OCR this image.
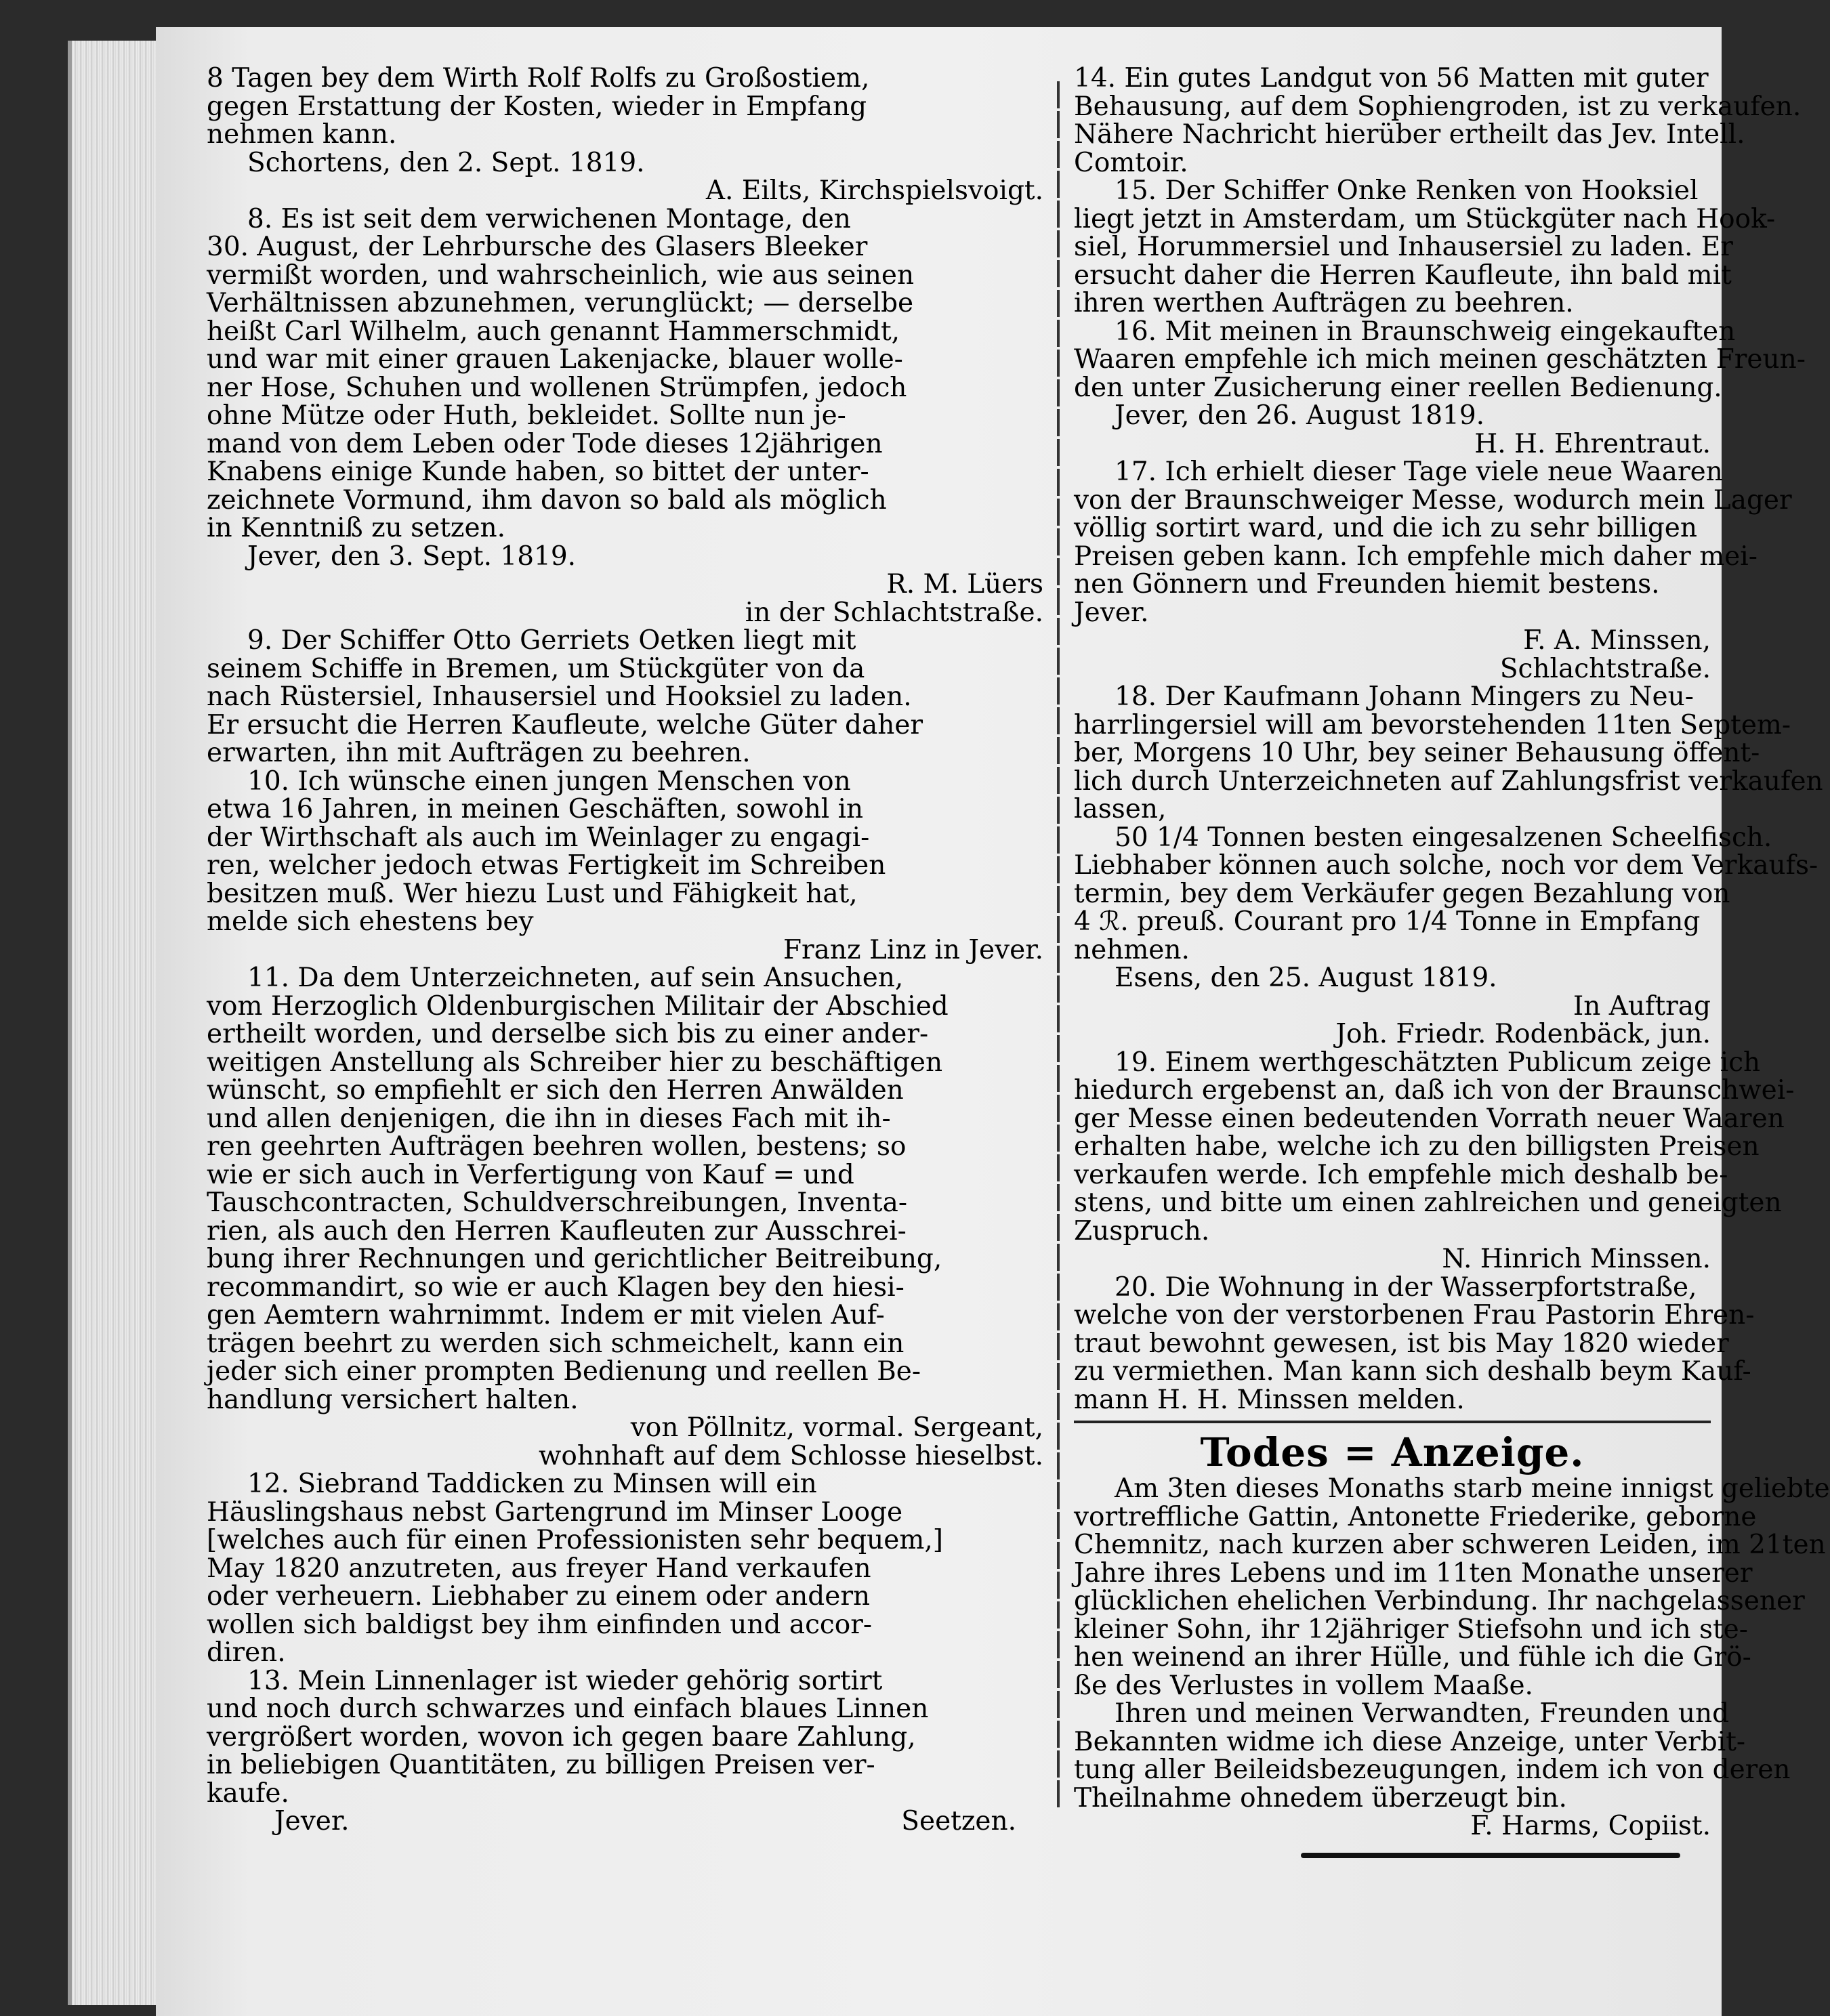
8 Tagen bey dem Wirth Rolf Rolfs zu Großostiem,
gegen Erstattung der Kosten, wieder in Empfang
nehmen kann.
Schortens, den 2. Sept. 1819.
A. Eilts, Kirchspielsvoigt.
8. Es ist seit dem verwichenen Montage, den
30. August, der Lehrbursche des Glasers Bleeker
vermißt worden, und wahrscheinlich, wie aus seinen
Verhältnissen abzunehmen, verunglückt; — derselbe
heißt Carl Wilhelm, auch genannt Hammerschmidt,
und war mit einer grauen Lakenjacke, blauer wolle-
ner Hose, Schuhen und wollenen Strümpfen, jedoch
ohne Mütze oder Huth, bekleidet. Sollte nun je-
mand von dem Leben oder Tode dieses 12jährigen
Knabens einige Kunde haben, so bittet der unter-
zeichnete Vormund, ihm davon so bald als möglich
in Kenntniß zu setzen.
Jever, den 3. Sept. 1819.
R. M. Lüers
in der Schlachtstraße.
9. Der Schiffer Otto Gerriets Oetken liegt mit
seinem Schiffe in Bremen, um Stückgüter von da
nach Rüstersiel, Inhausersiel und Hooksiel zu laden.
Er ersucht die Herren Kaufleute, welche Güter daher
erwarten, ihn mit Aufträgen zu beehren.
10. Ich wünsche einen jungen Menschen von
etwa 16 Jahren, in meinen Geschäften, sowohl in
der Wirthschaft als auch im Weinlager zu engagi-
ren, welcher jedoch etwas Fertigkeit im Schreiben
besitzen muß. Wer hiezu Lust und Fähigkeit hat,
melde sich ehestens bey
Franz Linz in Jever.
11. Da dem Unterzeichneten, auf sein Ansuchen,
vom Herzoglich Oldenburgischen Militair der Abschied
ertheilt worden, und derselbe sich bis zu einer ander-
weitigen Anstellung als Schreiber hier zu beschäftigen
wünscht, so empfiehlt er sich den Herren Anwälden
und allen denjenigen, die ihn in dieses Fach mit ih-
ren geehrten Aufträgen beehren wollen, bestens; so
wie er sich auch in Verfertigung von Kauf = und
Tauschcontracten, Schuldverschreibungen, Inventa-
rien, als auch den Herren Kaufleuten zur Ausschrei-
bung ihrer Rechnungen und gerichtlicher Beitreibung,
recommandirt, so wie er auch Klagen bey den hiesi-
gen Aemtern wahrnimmt. Indem er mit vielen Auf-
trägen beehrt zu werden sich schmeichelt, kann ein
jeder sich einer prompten Bedienung und reellen Be-
handlung versichert halten.
von Pöllnitz, vormal. Sergeant,
wohnhaft auf dem Schlosse hieselbst.
12. Siebrand Taddicken zu Minsen will ein
Häuslingshaus nebst Gartengrund im Minser Looge
[welches auch für einen Professionisten sehr bequem,]
May 1820 anzutreten, aus freyer Hand verkaufen
oder verheuern. Liebhaber zu einem oder andern
wollen sich baldigst bey ihm einfinden und accor-
diren.
13. Mein Linnenlager ist wieder gehörig sortirt
und noch durch schwarzes und einfach blaues Linnen
vergrößert worden, wovon ich gegen baare Zahlung,
in beliebigen Quantitäten, zu billigen Preisen ver-
kaufe.
Jever.	Seetzen.
14. Ein gutes Landgut von 56 Matten mit guter
Behausung, auf dem Sophiengroden, ist zu verkaufen.
Nähere Nachricht hierüber ertheilt das Jev. Intell.
Comtoir.
15. Der Schiffer Onke Renken von Hooksiel
liegt jetzt in Amsterdam, um Stückgüter nach Hook-
siel, Horummersiel und Inhausersiel zu laden. Er
ersucht daher die Herren Kaufleute, ihn bald mit
ihren werthen Aufträgen zu beehren.
16. Mit meinen in Braunschweig eingekauften
Waaren empfehle ich mich meinen geschätzten Freun-
den unter Zusicherung einer reellen Bedienung.
Jever, den 26. August 1819.
H. H. Ehrentraut.
17. Ich erhielt dieser Tage viele neue Waaren
von der Braunschweiger Messe, wodurch mein Lager
völlig sortirt ward, und die ich zu sehr billigen
Preisen geben kann. Ich empfehle mich daher mei-
nen Gönnern und Freunden hiemit bestens.
Jever.
F. A. Minssen,
Schlachtstraße.
18. Der Kaufmann Johann Mingers zu Neu-
harrlingersiel will am bevorstehenden 11ten Septem-
ber, Morgens 10 Uhr, bey seiner Behausung öffent-
lich durch Unterzeichneten auf Zahlungsfrist verkaufen
lassen,
50 1/4 Tonnen besten eingesalzenen Scheelfisch.
Liebhaber können auch solche, noch vor dem Verkaufs-
termin, bey dem Verkäufer gegen Bezahlung von
4 ℛ. preuß. Courant pro 1/4 Tonne in Empfang
nehmen.
Esens, den 25. August 1819.
In Auftrag
Joh. Friedr. Rodenbäck, jun.
19. Einem werthgeschätzten Publicum zeige ich
hiedurch ergebenst an, daß ich von der Braunschwei-
ger Messe einen bedeutenden Vorrath neuer Waaren
erhalten habe, welche ich zu den billigsten Preisen
verkaufen werde. Ich empfehle mich deshalb be-
stens, und bitte um einen zahlreichen und geneigten
Zuspruch.
N. Hinrich Minssen.
20. Die Wohnung in der Wasserpfortstraße,
welche von der verstorbenen Frau Pastorin Ehren-
traut bewohnt gewesen, ist bis May 1820 wieder
zu vermiethen. Man kann sich deshalb beym Kauf-
mann H. H. Minssen melden.
Todes = Anzeige.
Am 3ten dieses Monaths starb meine innigst geliebte
vortreffliche Gattin, Antonette Friederike, geborne
Chemnitz, nach kurzen aber schweren Leiden, im 21ten
Jahre ihres Lebens und im 11ten Monathe unserer
glücklichen ehelichen Verbindung. Ihr nachgelassener
kleiner Sohn, ihr 12jähriger Stiefsohn und ich ste-
hen weinend an ihrer Hülle, und fühle ich die Grö-
ße des Verlustes in vollem Maaße.
Ihren und meinen Verwandten, Freunden und
Bekannten widme ich diese Anzeige, unter Verbit-
tung aller Beileidsbezeugungen, indem ich von deren
Theilnahme ohnedem überzeugt bin.
F. Harms, Copiist.
